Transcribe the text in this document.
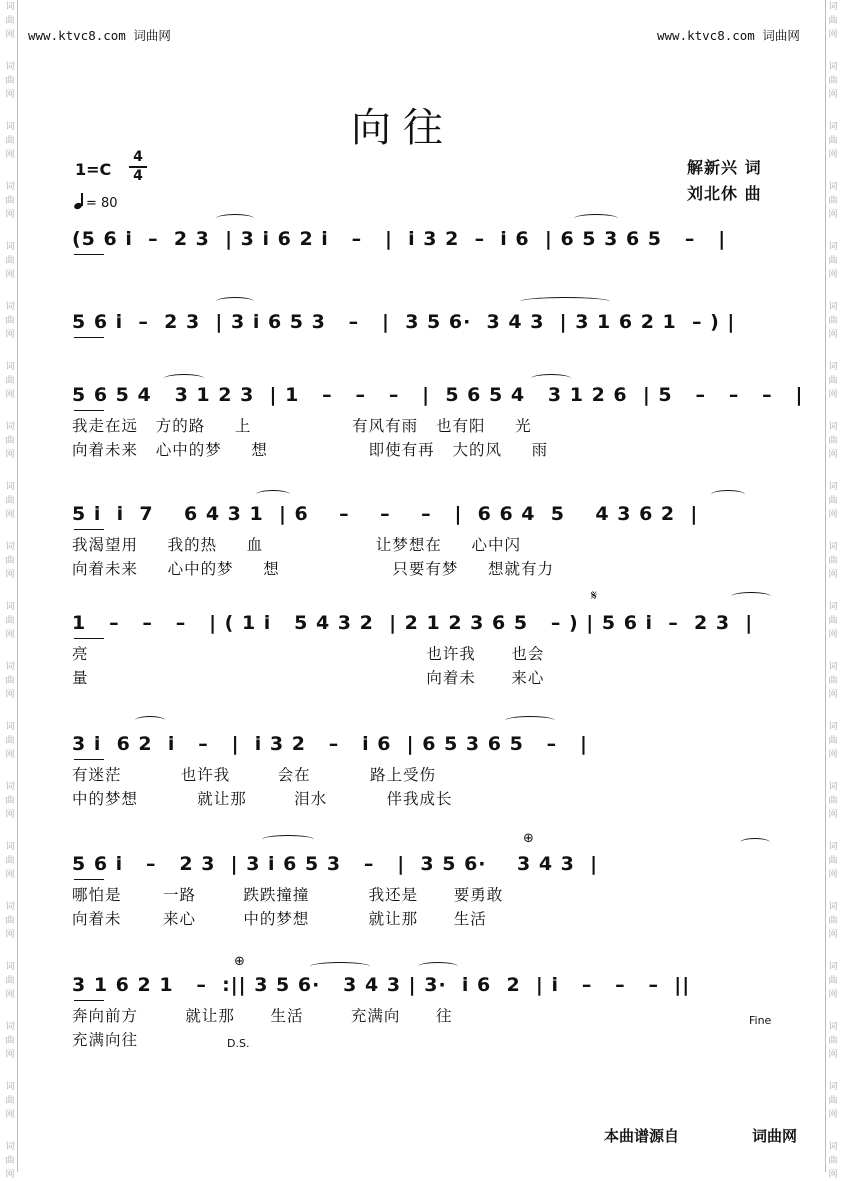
词
曲
网
词
曲
网
词
曲
网
词
曲
网
词
曲
网
词
曲
网
词
曲
网
词
曲
网
词
曲
网
词
曲
网
词
曲
网
词
曲
网
词
曲
网
词
曲
网
词
曲
网
词
曲
网
词
曲
网
词
曲
网
词
曲
网
词
曲
网
词
曲
网
词
曲
网
词
曲
网
词
曲
网
词
曲
网
词
曲
网
词
曲
网
词
曲
网
词
曲
网
词
曲
网
词
曲
网
词
曲
网
词
曲
网
词
曲
网
词
曲
网
词
曲
网
词
曲
网
词
曲
网
词
曲
网
词
曲
网
www.ktvc8.com 词曲网	www.ktvc8.com 词曲网
向往
1=C
4
4
= 80
解新兴 词
刘北休 曲
(5 6 i  –  2 3  | 3 i 6 2 i   –   |  i 3 2  –  i 6  | 6 5 3 6 5   –   |
5 6 i  –  2 3  | 3 i 6 5 3   –   |  3 5 6·  3 4 3  | 3 1 6 2 1  – ) |
5 6 5 4   3 1 2 3  | 1   –   –   –   |  5 6 5 4   3 1 2 6  | 5   –   –   –   |
我走在远   方的路     上                 有风有雨   也有阳     光
向着未来   心中的梦     想                 即使有再   大的风     雨
5 i  i  7    6 4 3 1  | 6    –    –    –   |  6 6 4  5    4 3 6 2  |
我渴望用     我的热     血                   让梦想在     心中闪
向着未来     心中的梦     想                   只要有梦     想就有力
1   –   –   –   | ( 1 i   5 4 3 2  | 2 1 2 3 6 5   – ) | 5 6 i  –  2 3  |
亮                                                         也许我      也会
量                                                         向着未      来心
3 i  6 2  i   –   |  i 3 2   –   i 6  | 6 5 3 6 5   –   |
有迷茫          也许我        会在          路上受伤
中的梦想          就让那        泪水          伴我成长
5 6 i   –   2 3  | 3 i 6 5 3   –   |  3 5 6·    3 4 3  |
哪怕是       一路        跌跌撞撞          我还是      要勇敢
向着未       来心        中的梦想          就让那      生活
3 1 6 2 1   –  :|| 3 5 6·   3 4 3 | 3·  i 6  2  | i   –   –   –  ||
奔向前方        就让那      生活        充满向      往
充满向往
𝄋
⊕
⊕
D.S.
Fine
本曲谱源自	词曲网
